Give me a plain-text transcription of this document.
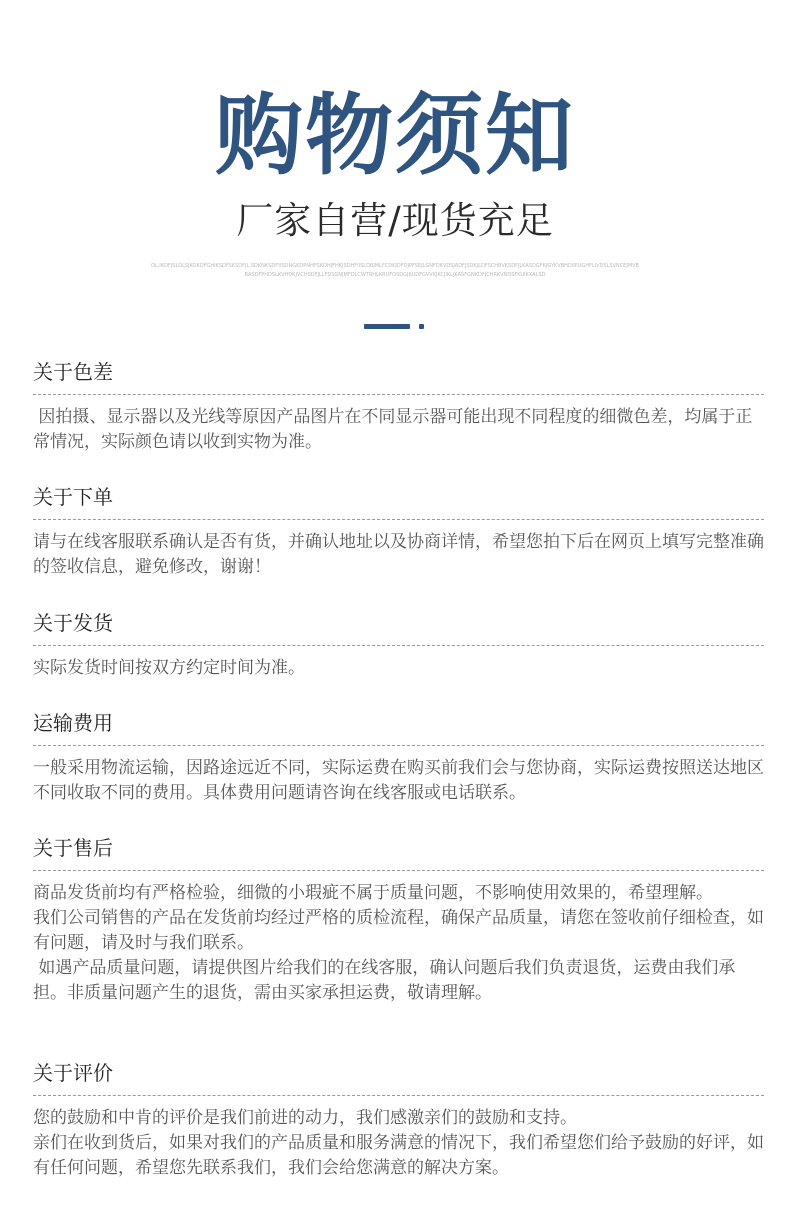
购物须知
厂家自营/现货充足
OL,IKDFJSLDLSJKOKDFGHIKSDFSKSDFJL,SDKNKSDFXSDNGKDPNHFSKDHJFHKJSDHFIISLDBJMLFCDKJDFDJPFSEJLGNFDKVDSJADFJSDKJLDFSCHBVKSDFJLKASDGFKJGYKVBHDIIPUGHFLIVDSLSVNCEJMVBBASDFPHDSLKVHDKJVCHSDFJLLFDSGNJMFDLCWTRHLKRUFOSDGJKUDFGVVKJKCJIKLJKASFGNKDFJCHRKVNDSFKUIKXALSD
关于色差

因拍摄、显示器以及光线等原因产品图片在不同显示器可能出现不同程度的细微色差，均属于正常情况，实际颜色请以收到实物为准。

关于下单

请与在线客服联系确认是否有货，并确认地址以及协商详情，希望您拍下后在网页上填写完整准确的签收信息，避免修改，谢谢！

关于发货

实际发货时间按双方约定时间为准。

运输费用

一般采用物流运输，因路途远近不同，实际运费在购买前我们会与您协商，实际运费按照送达地区不同收取不同的费用。具体费用问题请咨询在线客服或电话联系。

关于售后

商品发货前均有严格检验，细微的小瑕疵不属于质量问题，不影响使用效果的，希望理解。

我们公司销售的产品在发货前均经过严格的质检流程，确保产品质量，请您在签收前仔细检查，如有问题，请及时与我们联系。

如遇产品质量问题，请提供图片给我们的在线客服，确认问题后我们负责退货，运费由我们承担。非质量问题产生的退货，需由买家承担运费，敬请理解。

关于评价

您的鼓励和中肯的评价是我们前进的动力，我们感激亲们的鼓励和支持。

亲们在收到货后，如果对我们的产品质量和服务满意的情况下，我们希望您们给予鼓励的好评，如有任何问题，希望您先联系我们，我们会给您满意的解决方案。
